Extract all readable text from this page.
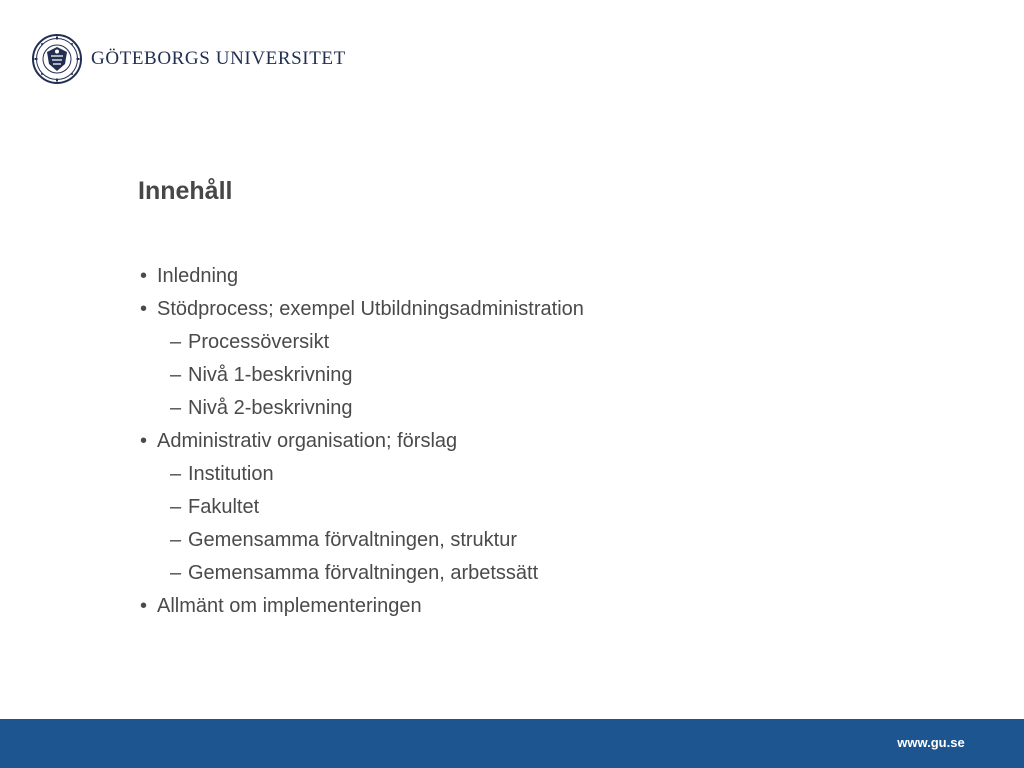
GÖTEBORGS UNIVERSITET
Innehåll
• Inledning
• Stödprocess; exempel Utbildningsadministration
– Processöversikt
– Nivå 1-beskrivning
– Nivå 2-beskrivning
• Administrativ organisation; förslag
– Institution
– Fakultet
– Gemensamma förvaltningen, struktur
– Gemensamma förvaltningen, arbetssätt
• Allmänt om implementeringen
www.gu.se
